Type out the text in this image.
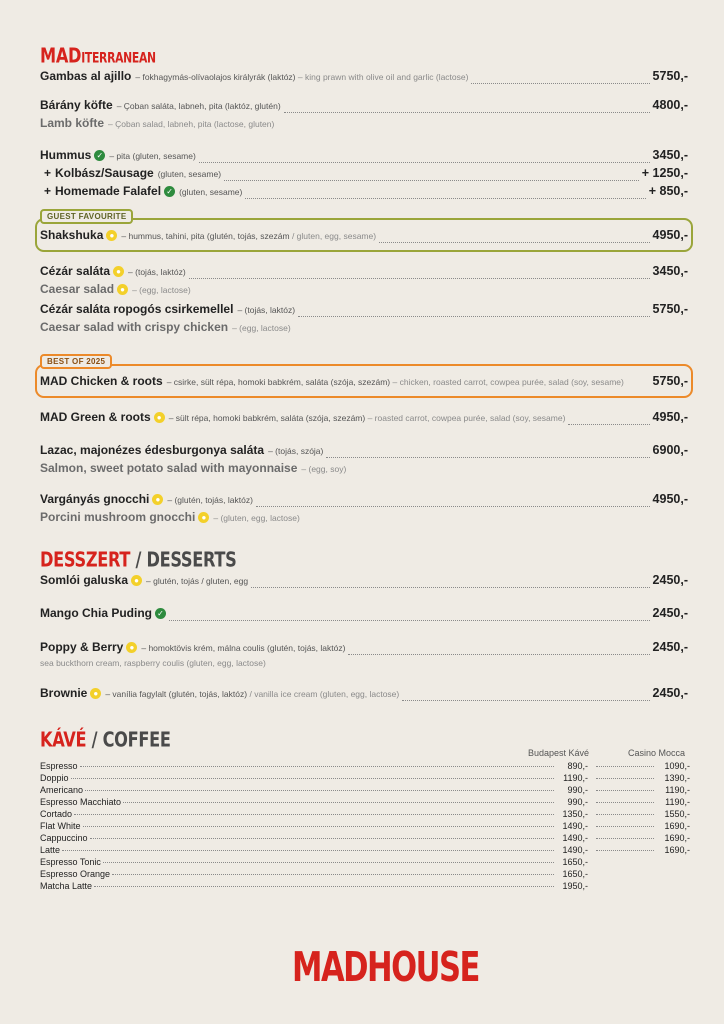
MADITERRANEAN
Gambas al ajillo – fokhagymás-olívaolajos királyrák (laktóz) – king prawn with olive oil and garlic (lactose)	5750,-
Bárány köfte – Çoban saláta, labneh, pita (laktóz, glutén)	4800,-
Lamb köfte – Çoban salad, labneh, pita (lactose, gluten)
Hummus ✓ – pita (gluten, sesame)	3450,-
+ Kolbász/Sausage (gluten, sesame)	+ 1250,-
+ Homemade Falafel ✓ (gluten, sesame)	+ 850,-
GUEST FAVOURITE
Shakshuka ● – hummus, tahini, pita (glutén, tojás, szezám / gluten, egg, sesame)	4950,-
Cézár saláta ● – (tojás, laktóz)	3450,-
Caesar salad ● – (egg, lactose)
Cézár saláta ropogós csirkemellel – (tojás, laktóz)	5750,-
Caesar salad with crispy chicken – (egg, lactose)
BEST OF 2025
MAD Chicken & roots – csirke, sült répa, homoki babkrém, saláta (szója, szezám) – chicken, roasted carrot, cowpea purée, salad (soy, sesame) 5750,-
MAD Green & roots ● – sült répa, homoki babkrém, saláta (szója, szezám) – roasted carrot, cowpea purée, salad (soy, sesame)	4950,-
Lazac, majonézes édesburgonya saláta – (tojás, szója)	6900,-
Salmon, sweet potato salad with mayonnaise – (egg, soy)
Vargányás gnocchi ● – (glutén, tojás, laktóz)	4950,-
Porcini mushroom gnocchi ● – (gluten, egg, lactose)
DESSZERT / DESSERTS
Somlói galuska ● – glutén, tojás / gluten, egg	2450,-
Mango Chia Puding ✓	2450,-
Poppy & Berry ● – homoktövis krém, málna coulis (glutén, tojás, laktóz)	2450,-
sea buckthorn cream, raspberry coulis (gluten, egg, lactose)
Brownie ● – vanília fagylalt (glutén, tojás, laktóz) / vanilla ice cream (gluten, egg, lactose)	2450,-
KÁVÉ / COFFEE
Budapest Kávé	Casino Mocca
Espresso	890,-	1090,-
Doppio	1190,-	1390,-
Americano	990,-	1190,-
Espresso Macchiato	990,-	1190,-
Cortado	1350,-	1550,-
Flat White	1490,-	1690,-
Cappuccino	1490,-	1690,-
Latte	1490,-	1690,-
Espresso Tonic	1650,-
Espresso Orange	1650,-
Matcha Latte	1950,-
MADHOUSE
